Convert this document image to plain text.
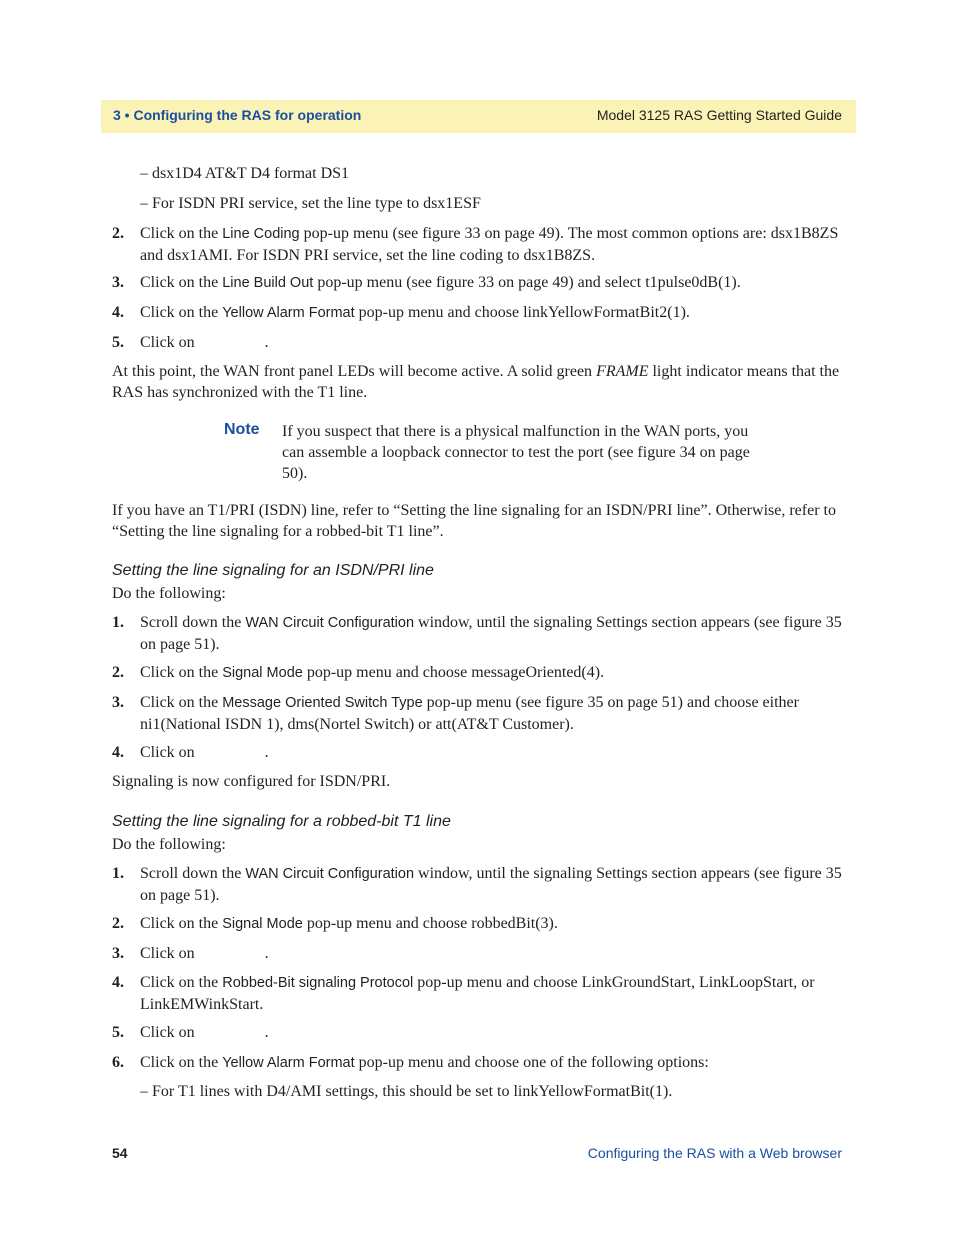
3 • Configuring the RAS for operation	Model 3125 RAS Getting Started Guide
– dsx1D4 AT&T D4 format DS1
– For ISDN PRI service, set the line type to dsx1ESF
2. Click on the Line Coding pop-up menu (see figure 33 on page 49). The most common options are: dsx1B8ZS and dsx1AMI. For ISDN PRI service, set the line coding to dsx1B8ZS.
3. Click on the Line Build Out pop-up menu (see figure 33 on page 49) and select t1pulse0dB(1).
4. Click on the Yellow Alarm Format pop-up menu and choose linkYellowFormatBit2(1).
5. Click on	.
At this point, the WAN front panel LEDs will become active. A solid green FRAME light indicator means that the RAS has synchronized with the T1 line.
Note If you suspect that there is a physical malfunction in the WAN ports, you can assemble a loopback connector to test the port (see figure 34 on page 50).
If you have an T1/PRI (ISDN) line, refer to “Setting the line signaling for an ISDN/PRI line”. Otherwise, refer to “Setting the line signaling for a robbed-bit T1 line”.
Setting the line signaling for an ISDN/PRI line
Do the following:
1. Scroll down the WAN Circuit Configuration window, until the signaling Settings section appears (see figure 35 on page 51).
2. Click on the Signal Mode pop-up menu and choose messageOriented(4).
3. Click on the Message Oriented Switch Type pop-up menu (see figure 35 on page 51) and choose either ni1(National ISDN 1), dms(Nortel Switch) or att(AT&T Customer).
4. Click on	.
Signaling is now configured for ISDN/PRI.
Setting the line signaling for a robbed-bit T1 line
Do the following:
1. Scroll down the WAN Circuit Configuration window, until the signaling Settings section appears (see figure 35 on page 51).
2. Click on the Signal Mode pop-up menu and choose robbedBit(3).
3. Click on	.
4. Click on the Robbed-Bit signaling Protocol pop-up menu and choose LinkGroundStart, LinkLoopStart, or LinkEMWinkStart.
5. Click on	.
6. Click on the Yellow Alarm Format pop-up menu and choose one of the following options:
– For T1 lines with D4/AMI settings, this should be set to linkYellowFormatBit(1).
54	Configuring the RAS with a Web browser
